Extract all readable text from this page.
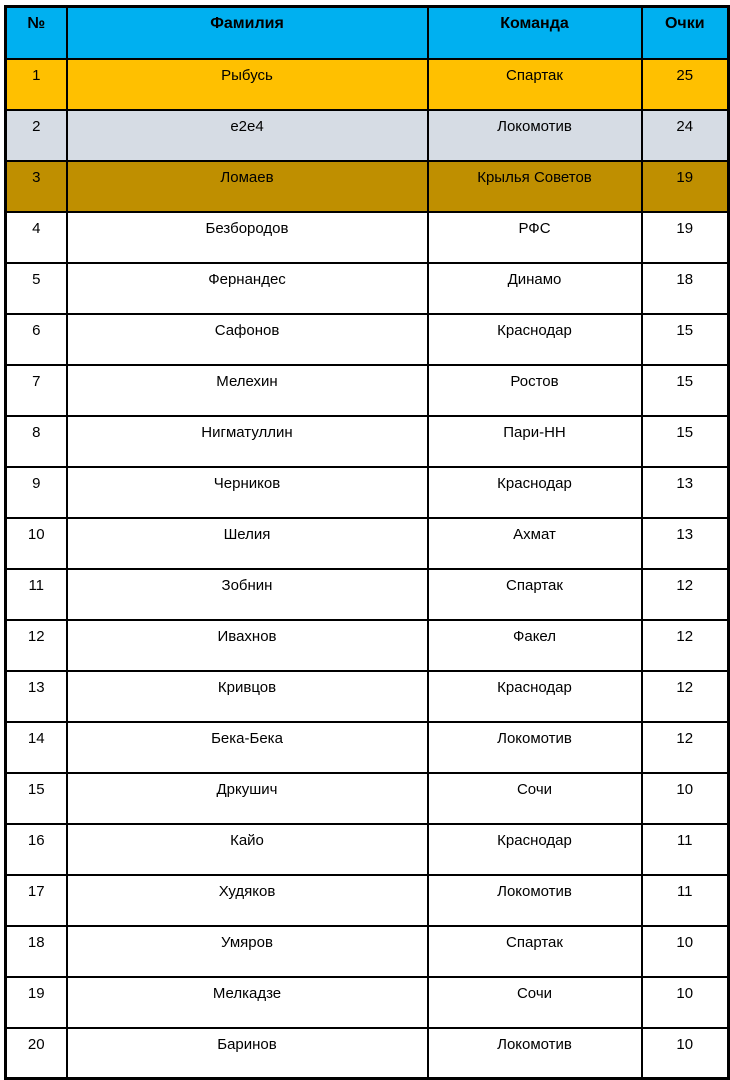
№	Фамилия	Команда	Очки
1	Рыбусь	Спартак	25
2	e2e4	Локомотив	24
3	Ломаев	Крылья Советов	19
4	Безбородов	РФС	19
5	Фернандес	Динамо	18
6	Сафонов	Краснодар	15
7	Мелехин	Ростов	15
8	Нигматуллин	Пари-НН	15
9	Черников	Краснодар	13
10	Шелия	Ахмат	13
11	Зобнин	Спартак	12
12	Ивахнов	Факел	12
13	Кривцов	Краснодар	12
14	Бека-Бека	Локомотив	12
15	Дркушич	Сочи	10
16	Кайо	Краснодар	11
17	Худяков	Локомотив	11
18	Умяров	Спартак	10
19	Мелкадзе	Сочи	10
20	Баринов	Локомотив	10
